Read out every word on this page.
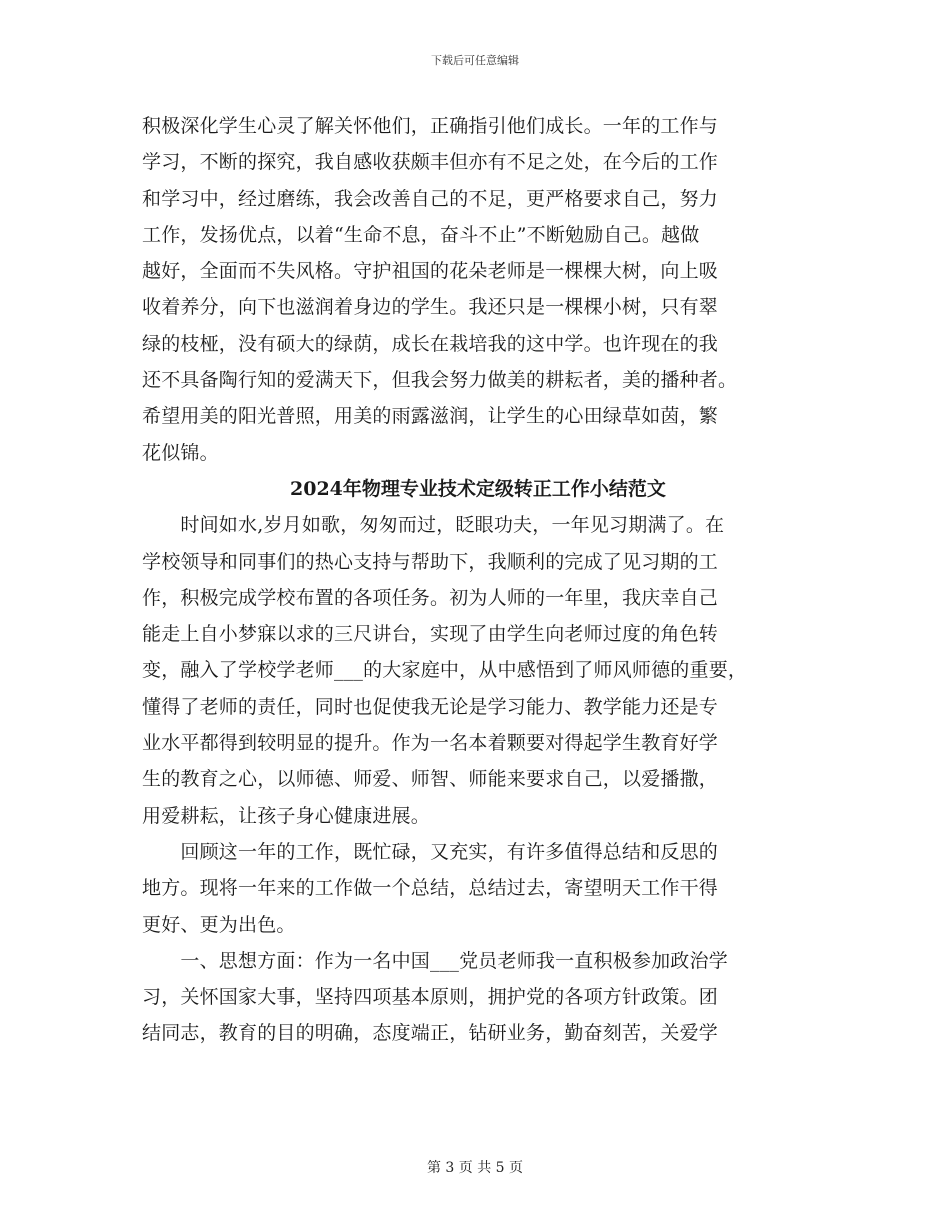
下载后可任意编辑
积极深化学生心灵了解关怀他们，正确指引他们成长。一年的工作与
学习，不断的探究，我自感收获颇丰但亦有不足之处，在今后的工作
和学习中，经过磨练，我会改善自己的不足，更严格要求自己，努力
工作，发扬优点，以着“生命不息，奋斗不止”不断勉励自己。越做
越好，全面而不失风格。守护祖国的花朵老师是一棵棵大树，向上吸
收着养分，向下也滋润着身边的学生。我还只是一棵棵小树，只有翠
绿的枝桠，没有硕大的绿荫，成长在栽培我的这中学。也许现在的我
还不具备陶行知的爱满天下，但我会努力做美的耕耘者，美的播种者。
希望用美的阳光普照，用美的雨露滋润，让学生的心田绿草如茵，繁
花似锦。
2024年物理专业技术定级转正工作小结范文
　　时间如水,岁月如歌，匆匆而过，眨眼功夫，一年见习期满了。在
学校领导和同事们的热心支持与帮助下，我顺利的完成了见习期的工
作，积极完成学校布置的各项任务。初为人师的一年里，我庆幸自己
能走上自小梦寐以求的三尺讲台，实现了由学生向老师过度的角色转
变，融入了学校学老师___的大家庭中，从中感悟到了师风师德的重要，
懂得了老师的责任，同时也促使我无论是学习能力、教学能力还是专
业水平都得到较明显的提升。作为一名本着颗要对得起学生教育好学
生的教育之心，以师德、师爱、师智、师能来要求自己，以爱播撒，
用爱耕耘，让孩子身心健康进展。
　　回顾这一年的工作，既忙碌，又充实，有许多值得总结和反思的
地方。现将一年来的工作做一个总结，总结过去，寄望明天工作干得
更好、更为出色。
　　一、思想方面：作为一名中国___党员老师我一直积极参加政治学
习，关怀国家大事，坚持四项基本原则，拥护党的各项方针政策。团
结同志，教育的目的明确，态度端正，钻研业务，勤奋刻苦，关爱学
第 3 页 共 5 页
